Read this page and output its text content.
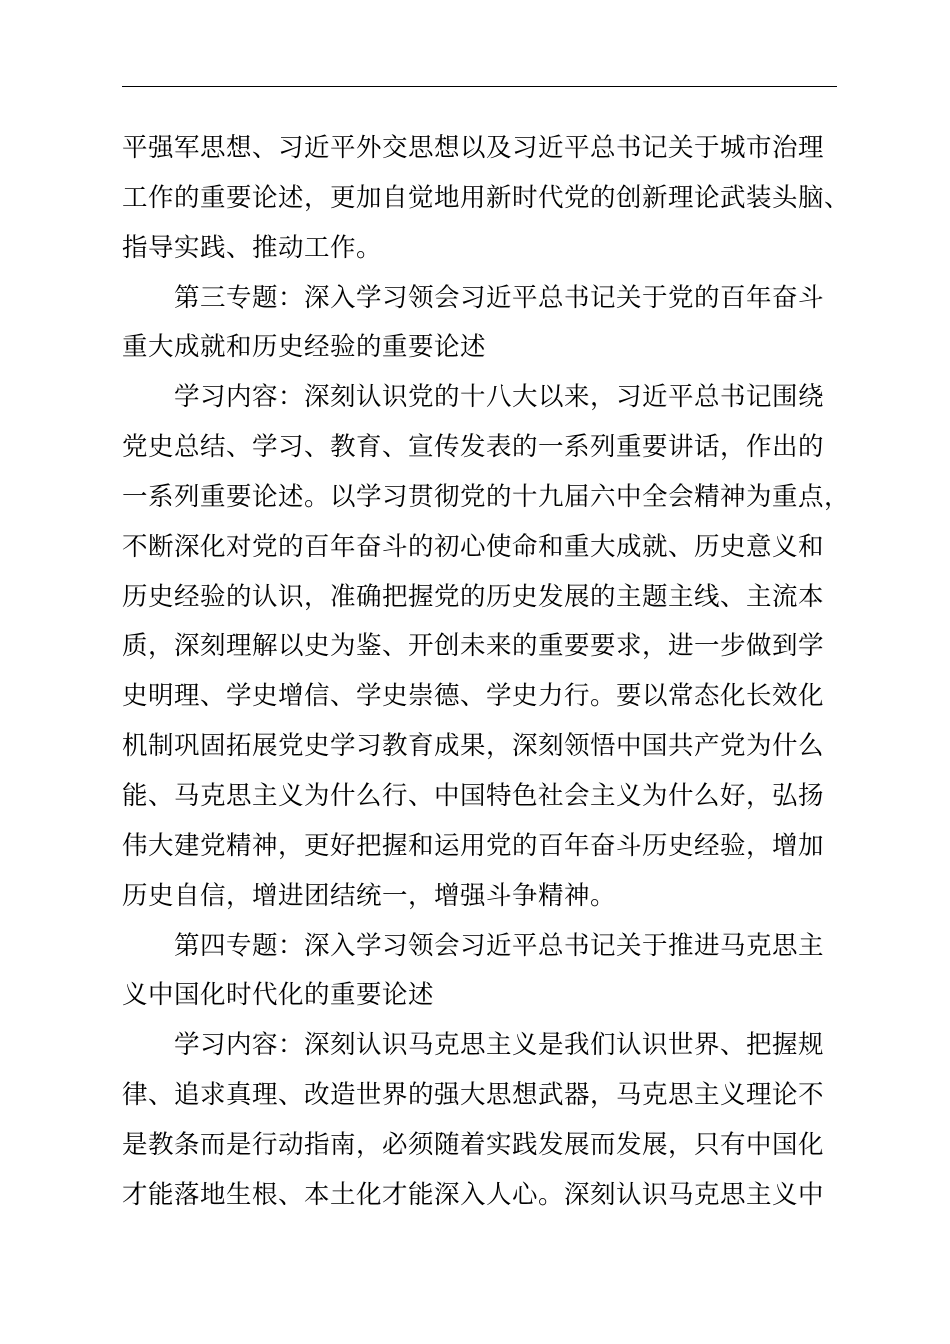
平强军思想、习近平外交思想以及习近平总书记关于城市治理
工作的重要论述，更加自觉地用新时代党的创新理论武装头脑、
指导实践、推动工作。
第三专题：深入学习领会习近平总书记关于党的百年奋斗
重大成就和历史经验的重要论述
学习内容：深刻认识党的十八大以来，习近平总书记围绕
党史总结、学习、教育、宣传发表的一系列重要讲话，作出的
一系列重要论述。以学习贯彻党的十九届六中全会精神为重点，
不断深化对党的百年奋斗的初心使命和重大成就、历史意义和
历史经验的认识，准确把握党的历史发展的主题主线、主流本
质，深刻理解以史为鉴、开创未来的重要要求，进一步做到学
史明理、学史增信、学史崇德、学史力行。要以常态化长效化
机制巩固拓展党史学习教育成果，深刻领悟中国共产党为什么
能、马克思主义为什么行、中国特色社会主义为什么好，弘扬
伟大建党精神，更好把握和运用党的百年奋斗历史经验，增加
历史自信，增进团结统一，增强斗争精神。
第四专题：深入学习领会习近平总书记关于推进马克思主
义中国化时代化的重要论述
学习内容：深刻认识马克思主义是我们认识世界、把握规
律、追求真理、改造世界的强大思想武器，马克思主义理论不
是教条而是行动指南，必须随着实践发展而发展，只有中国化
才能落地生根、本土化才能深入人心。深刻认识马克思主义中
